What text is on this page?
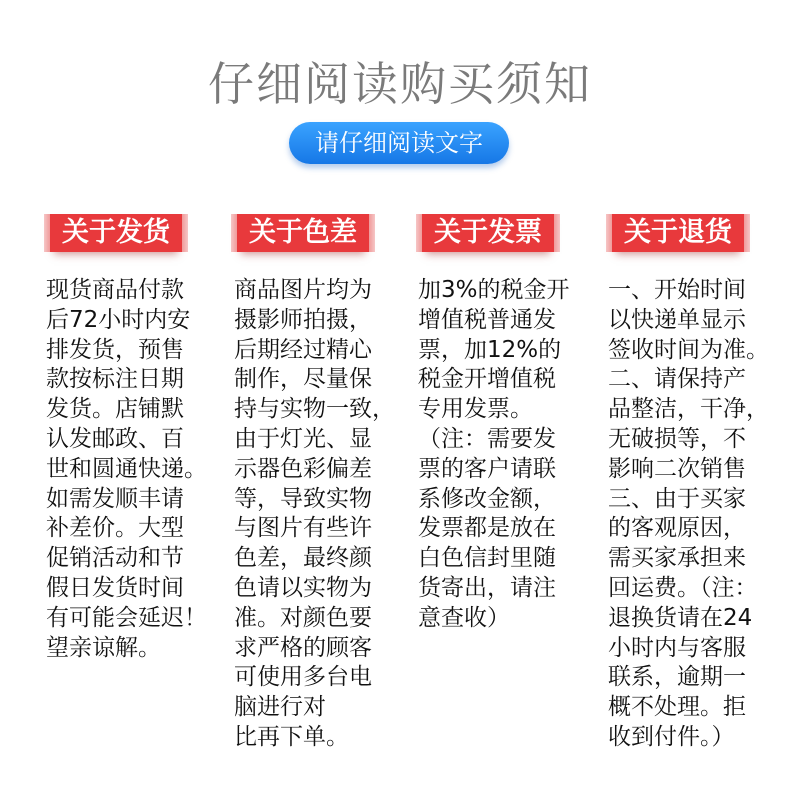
仔细阅读购买须知
请仔细阅读文字
关于发货	关于色差	关于发票	关于退货
现货商品付款
后72小时内安
排发货，预售
款按标注日期
发货。店铺默
认发邮政、百
世和圆通快递。
如需发顺丰请
补差价。大型
促销活动和节
假日发货时间
有可能会延迟！
望亲谅解。
商品图片均为
摄影师拍摄，
后期经过精心
制作，尽量保
持与实物一致，
由于灯光、显
示器色彩偏差
等，导致实物
与图片有些许
色差，最终颜
色请以实物为
准。对颜色要
求严格的顾客
可使用多台电
脑进行对
比再下单。
加3%的税金开
增值税普通发
票，加12%的
税金开增值税
专用发票。
（注：需要发
票的客户请联
系修改金额，
发票都是放在
白色信封里随
货寄出，请注
意查收）
一、开始时间
以快递单显示
签收时间为准。
二、请保持产
品整洁，干净，
无破损等，不
影响二次销售
三、由于买家
的客观原因，
需买家承担来
回运费。（注：
退换货请在24
小时内与客服
联系，逾期一
概不处理。拒
收到付件。）
